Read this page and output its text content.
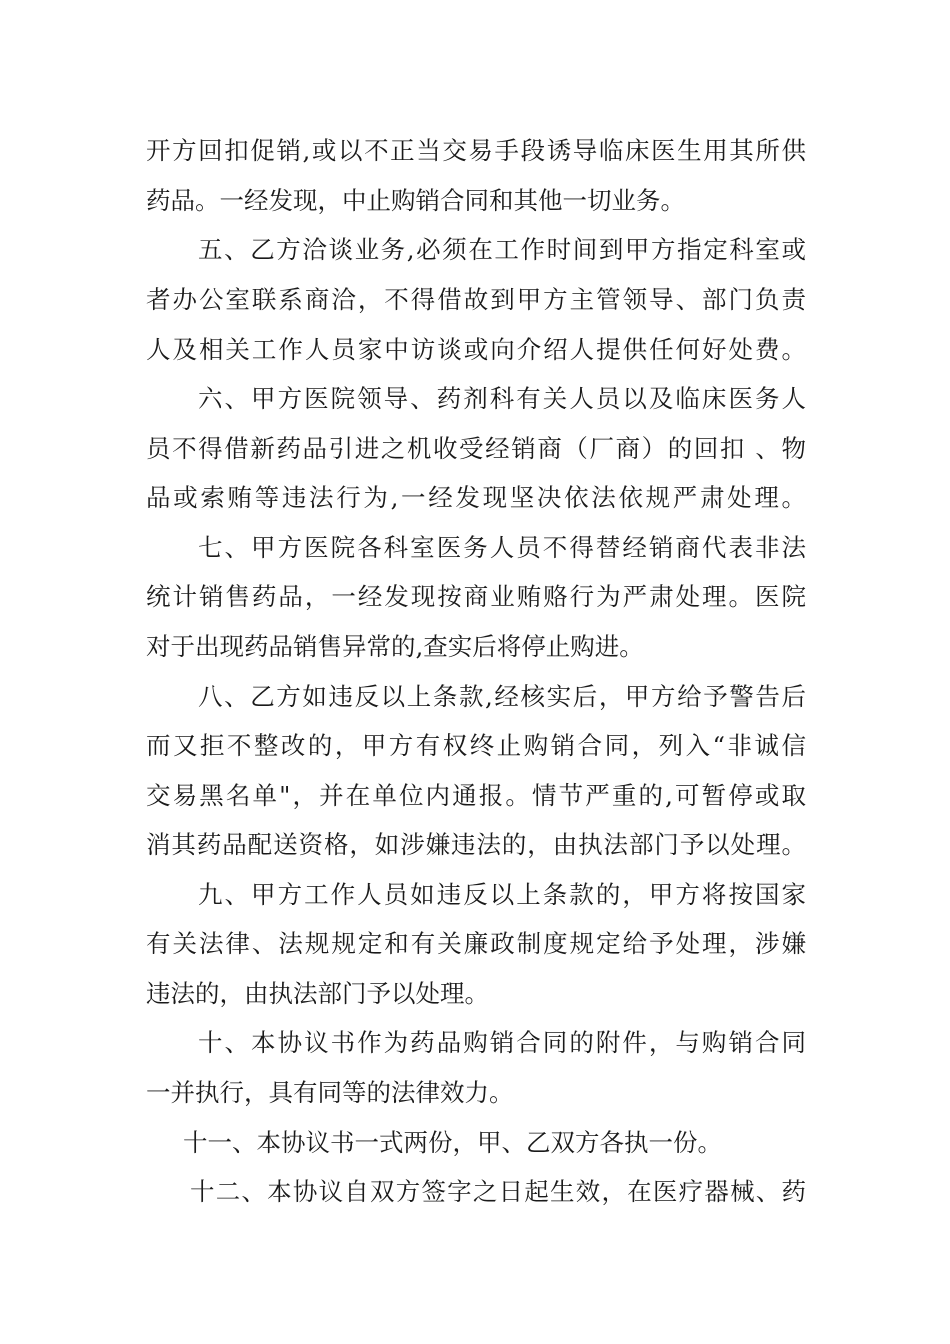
开方回扣促销,或以不正当交易手段诱导临床医生用其所供
药品。一经发现，中止购销合同和其他一切业务。
五、乙方洽谈业务,必须在工作时间到甲方指定科室或
者办公室联系商洽，不得借故到甲方主管领导、部门负责
人及相关工作人员家中访谈或向介绍人提供任何好处费。
六、甲方医院领导、药剂科有关人员以及临床医务人
员不得借新药品引进之机收受经销商（厂商）的回扣 、物
品或索贿等违法行为,一经发现坚决依法依规严肃处理。
七、甲方医院各科室医务人员不得替经销商代表非法
统计销售药品，一经发现按商业贿赂行为严肃处理。医院
对于出现药品销售异常的,查实后将停止购进。
八、乙方如违反以上条款,经核实后，甲方给予警告后
而又拒不整改的，甲方有权终止购销合同，列入“非诚信
交易黑名单"，并在单位内通报。情节严重的,可暂停或取
消其药品配送资格，如涉嫌违法的，由执法部门予以处理。
九、甲方工作人员如违反以上条款的，甲方将按国家
有关法律、法规规定和有关廉政制度规定给予处理，涉嫌
违法的，由执法部门予以处理。
十、本协议书作为药品购销合同的附件，与购销合同
一并执行，具有同等的法律效力。
十一、本协议书一式两份，甲、乙双方各执一份。
十二、本协议自双方签字之日起生效，在医疗器械、药
